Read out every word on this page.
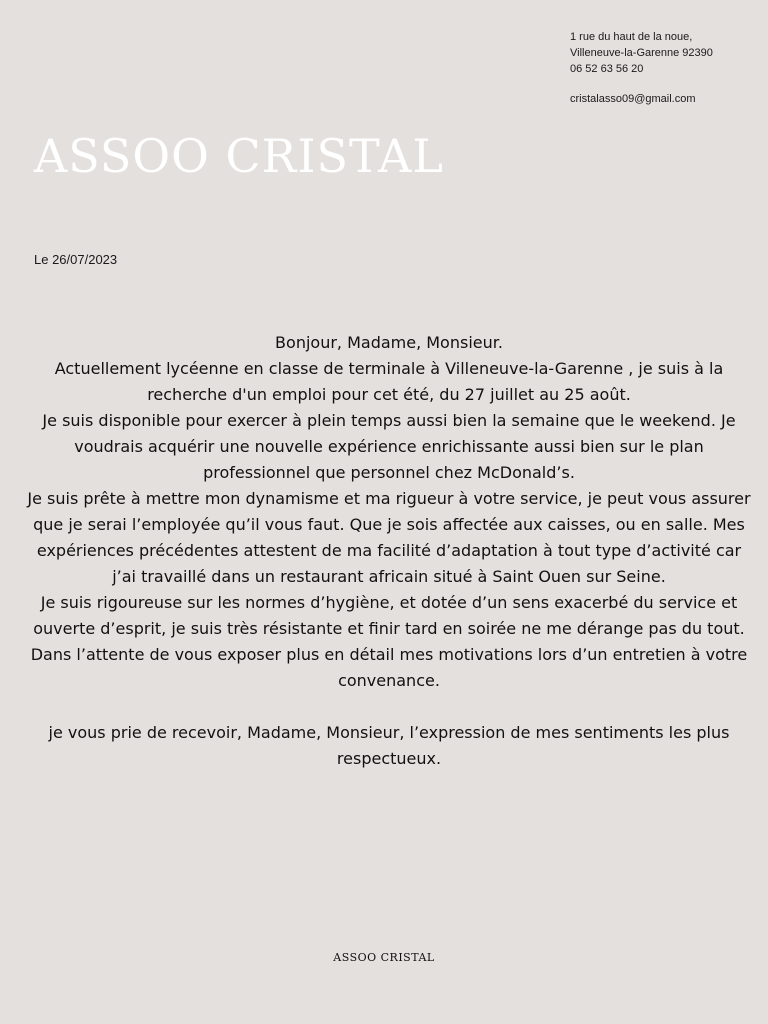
1 rue du haut de la noue,
Villeneuve-la-Garenne 92390
06 52 63 56 20
cristalasso09@gmail.com
ASSOO CRISTAL
Le 26/07/2023

Bonjour, Madame, Monsieur.

Actuellement lycéenne en classe de terminale à Villeneuve-la-Garenne , je suis à la recherche d'un emploi pour cet été, du 27 juillet au 25 août.

Je suis disponible pour exercer à plein temps aussi bien la semaine que le weekend. Je voudrais acquérir une nouvelle expérience enrichissante aussi bien sur le plan professionnel que personnel chez McDonald’s.

Je suis prête à mettre mon dynamisme et ma rigueur à votre service, je peut vous assurer que je serai l’employée qu’il vous faut. Que je sois affectée aux caisses, ou en salle. Mes expériences précédentes attestent de ma facilité d’adaptation à tout type d’activité car j’ai travaillé dans un restaurant africain situé à Saint Ouen sur Seine.

Je suis rigoureuse sur les normes d’hygiène, et dotée d’un sens exacerbé du service et ouverte d’esprit, je suis très résistante et finir tard en soirée ne me dérange pas du tout.

Dans l’attente de vous exposer plus en détail mes motivations lors d’un entretien à votre convenance.

je vous prie de recevoir, Madame, Monsieur, l’expression de mes sentiments les plus respectueux.

ASSOO CRISTAL
